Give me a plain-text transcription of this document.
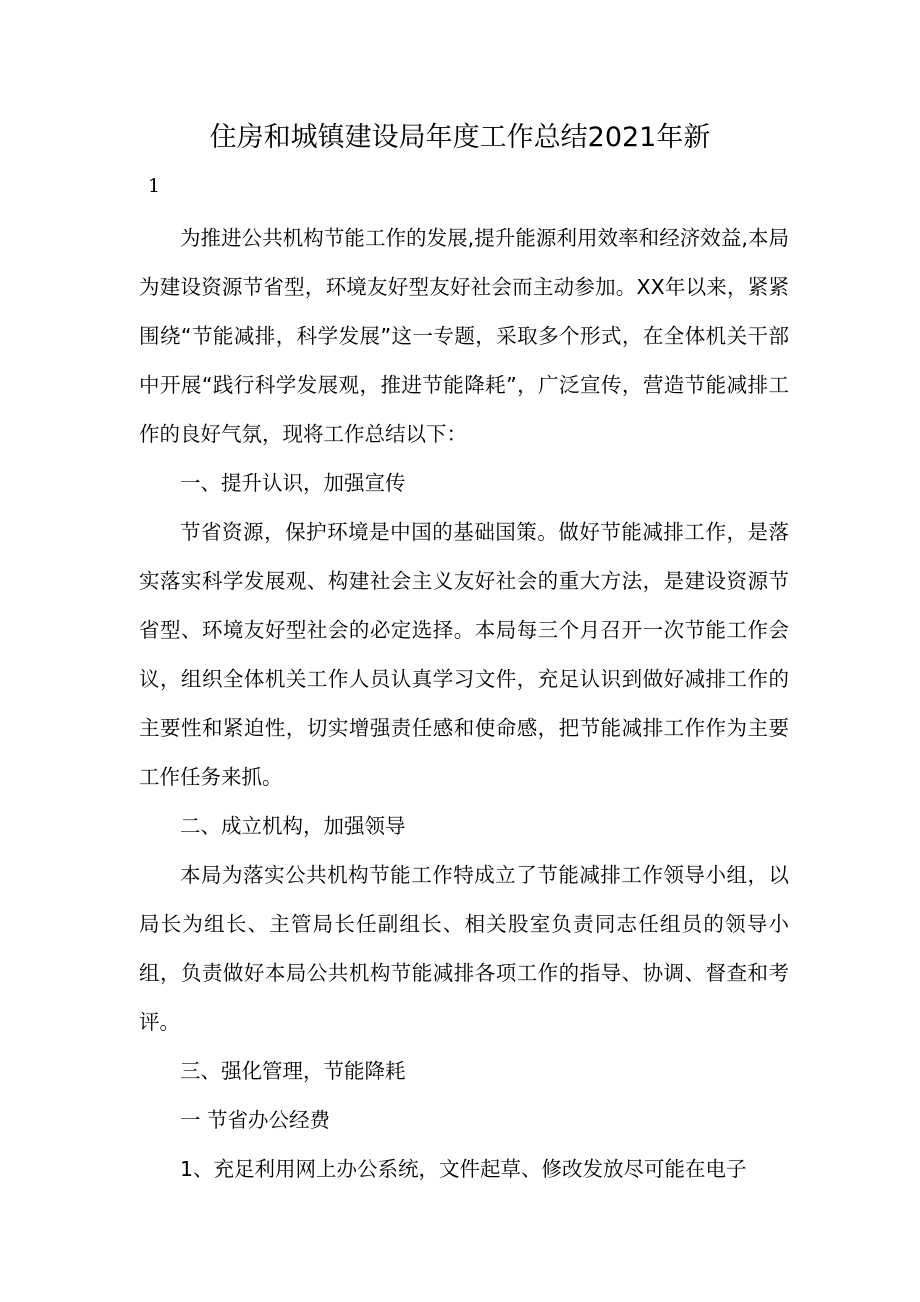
住房和城镇建设局年度工作总结2021年新
1

为推进公共机构节能工作的发展,提升能源利用效率和经济效益,本局为建设资源节省型，环境友好型友好社会而主动参加。XX年以来，紧紧围绕“节能减排，科学发展”这一专题，采取多个形式，在全体机关干部中开展“践行科学发展观，推进节能降耗”，广泛宣传，营造节能减排工作的良好气氛，现将工作总结以下：

一、提升认识，加强宣传

节省资源，保护环境是中国的基础国策。做好节能减排工作，是落实落实科学发展观、构建社会主义友好社会的重大方法，是建设资源节省型、环境友好型社会的必定选择。本局每三个月召开一次节能工作会议，组织全体机关工作人员认真学习文件，充足认识到做好减排工作的主要性和紧迫性，切实增强责任感和使命感，把节能减排工作作为主要工作任务来抓。

二、成立机构，加强领导

本局为落实公共机构节能工作特成立了节能减排工作领导小组，以局长为组长、主管局长任副组长、相关股室负责同志任组员的领导小组，负责做好本局公共机构节能减排各项工作的指导、协调、督查和考评。

三、强化管理，节能降耗

一 节省办公经费

1、充足利用网上办公系统，文件起草、修改发放尽可能在电子
